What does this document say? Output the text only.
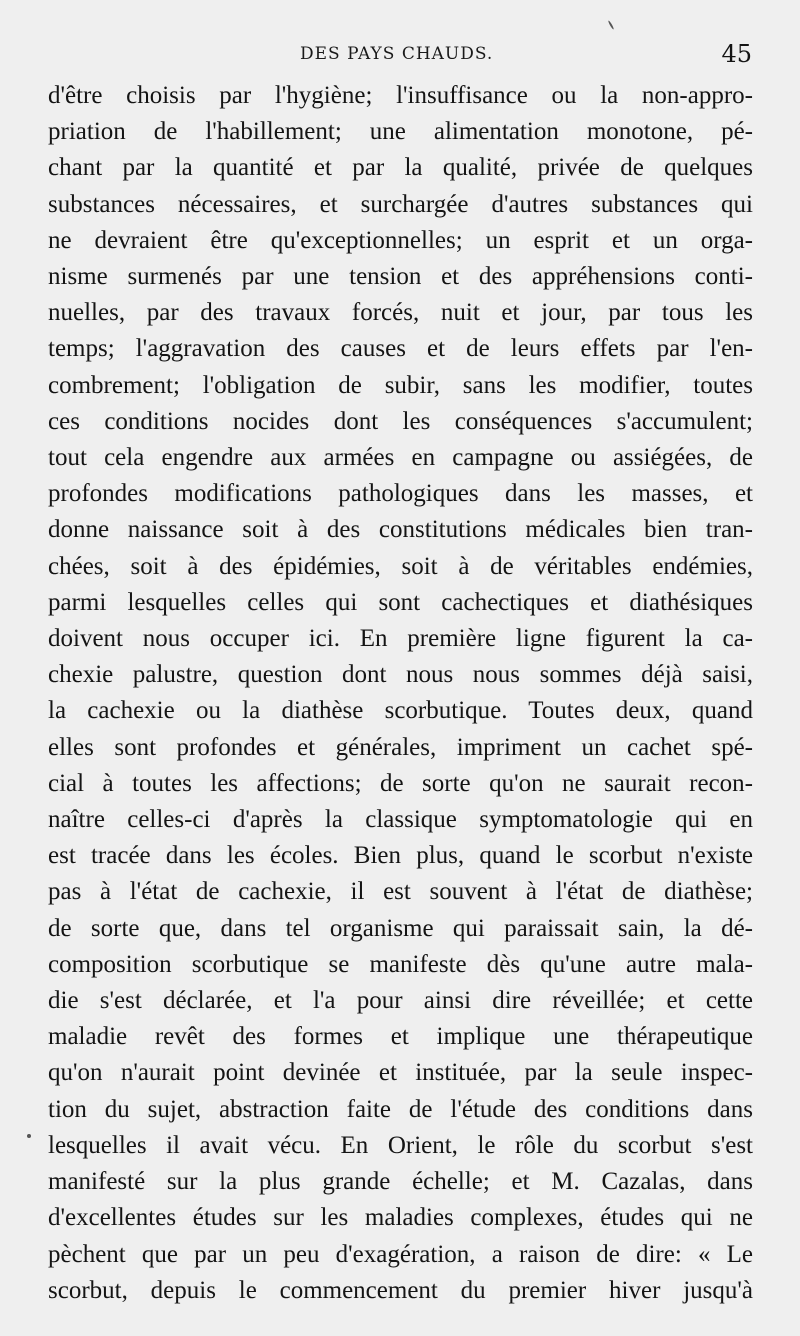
DES PAYS CHAUDS.	45
d'être choisis par l'hygiène; l'insuffisance ou la non-appro-
priation de l'habillement; une alimentation monotone, pé-
chant par la quantité et par la qualité, privée de quelques
substances nécessaires, et surchargée d'autres substances qui
ne devraient être qu'exceptionnelles; un esprit et un orga-
nisme surmenés par une tension et des appréhensions conti-
nuelles, par des travaux forcés, nuit et jour, par tous les
temps; l'aggravation des causes et de leurs effets par l'en-
combrement; l'obligation de subir, sans les modifier, toutes
ces conditions nocides dont les conséquences s'accumulent;
tout cela engendre aux armées en campagne ou assiégées, de
profondes modifications pathologiques dans les masses, et
donne naissance soit à des constitutions médicales bien tran-
chées, soit à des épidémies, soit à de véritables endémies,
parmi lesquelles celles qui sont cachectiques et diathésiques
doivent nous occuper ici. En première ligne figurent la ca-
chexie palustre, question dont nous nous sommes déjà saisi,
la cachexie ou la diathèse scorbutique. Toutes deux, quand
elles sont profondes et générales, impriment un cachet spé-
cial à toutes les affections; de sorte qu'on ne saurait recon-
naître celles-ci d'après la classique symptomatologie qui en
est tracée dans les écoles. Bien plus, quand le scorbut n'existe
pas à l'état de cachexie, il est souvent à l'état de diathèse;
de sorte que, dans tel organisme qui paraissait sain, la dé-
composition scorbutique se manifeste dès qu'une autre mala-
die s'est déclarée, et l'a pour ainsi dire réveillée; et cette
maladie revêt des formes et implique une thérapeutique
qu'on n'aurait point devinée et instituée, par la seule inspec-
tion du sujet, abstraction faite de l'étude des conditions dans
lesquelles il avait vécu. En Orient, le rôle du scorbut s'est
manifesté sur la plus grande échelle; et M. Cazalas, dans
d'excellentes études sur les maladies complexes, études qui ne
pèchent que par un peu d'exagération, a raison de dire: « Le
scorbut, depuis le commencement du premier hiver jusqu'à
